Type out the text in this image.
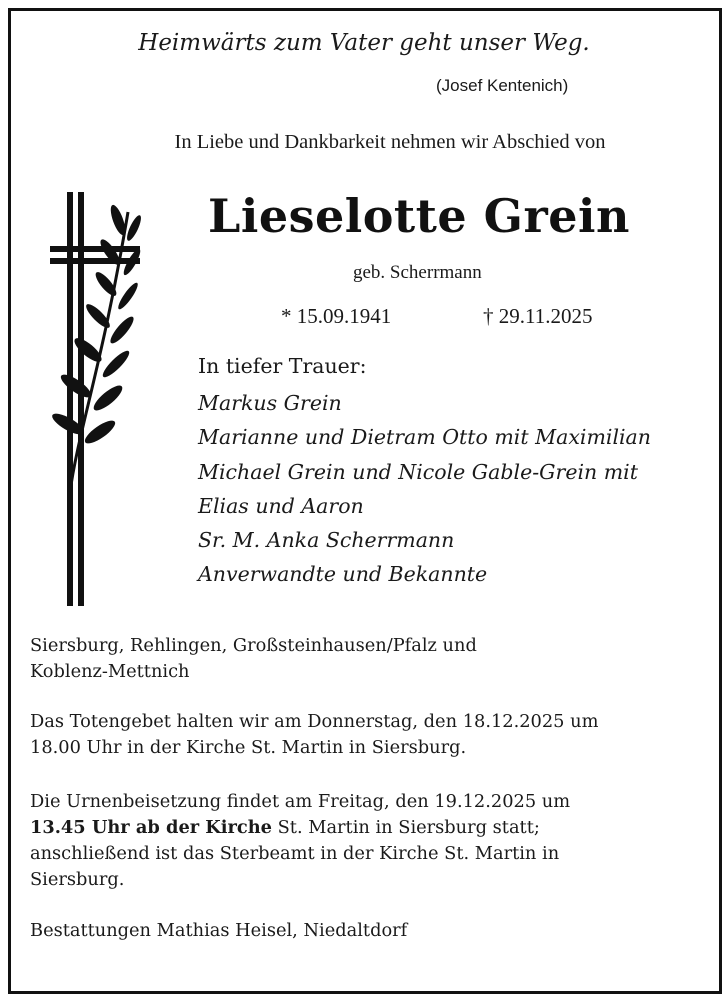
Heimwärts zum Vater geht unser Weg.
(Josef Kentenich)
In Liebe und Dankbarkeit nehmen wir Abschied von
Lieselotte Grein
geb. Scherrmann
* 15.09.1941	† 29.11.2025
In tiefer Trauer:
Markus Grein
Marianne und Dietram Otto mit Maximilian
Michael Grein und Nicole Gable-Grein mit
Elias und Aaron
Sr. M. Anka Scherrmann
Anverwandte und Bekannte
Siersburg, Rehlingen, Großsteinhausen/Pfalz und
Koblenz-Mettnich
Das Totengebet halten wir am Donnerstag, den 18.12.2025 um
18.00 Uhr in der Kirche St. Martin in Siersburg.
Die Urnenbeisetzung findet am Freitag, den 19.12.2025 um
13.45 Uhr ab der Kirche St. Martin in Siersburg statt;
anschließend ist das Sterbeamt in der Kirche St. Martin in
Siersburg.
Bestattungen Mathias Heisel, Niedaltdorf
